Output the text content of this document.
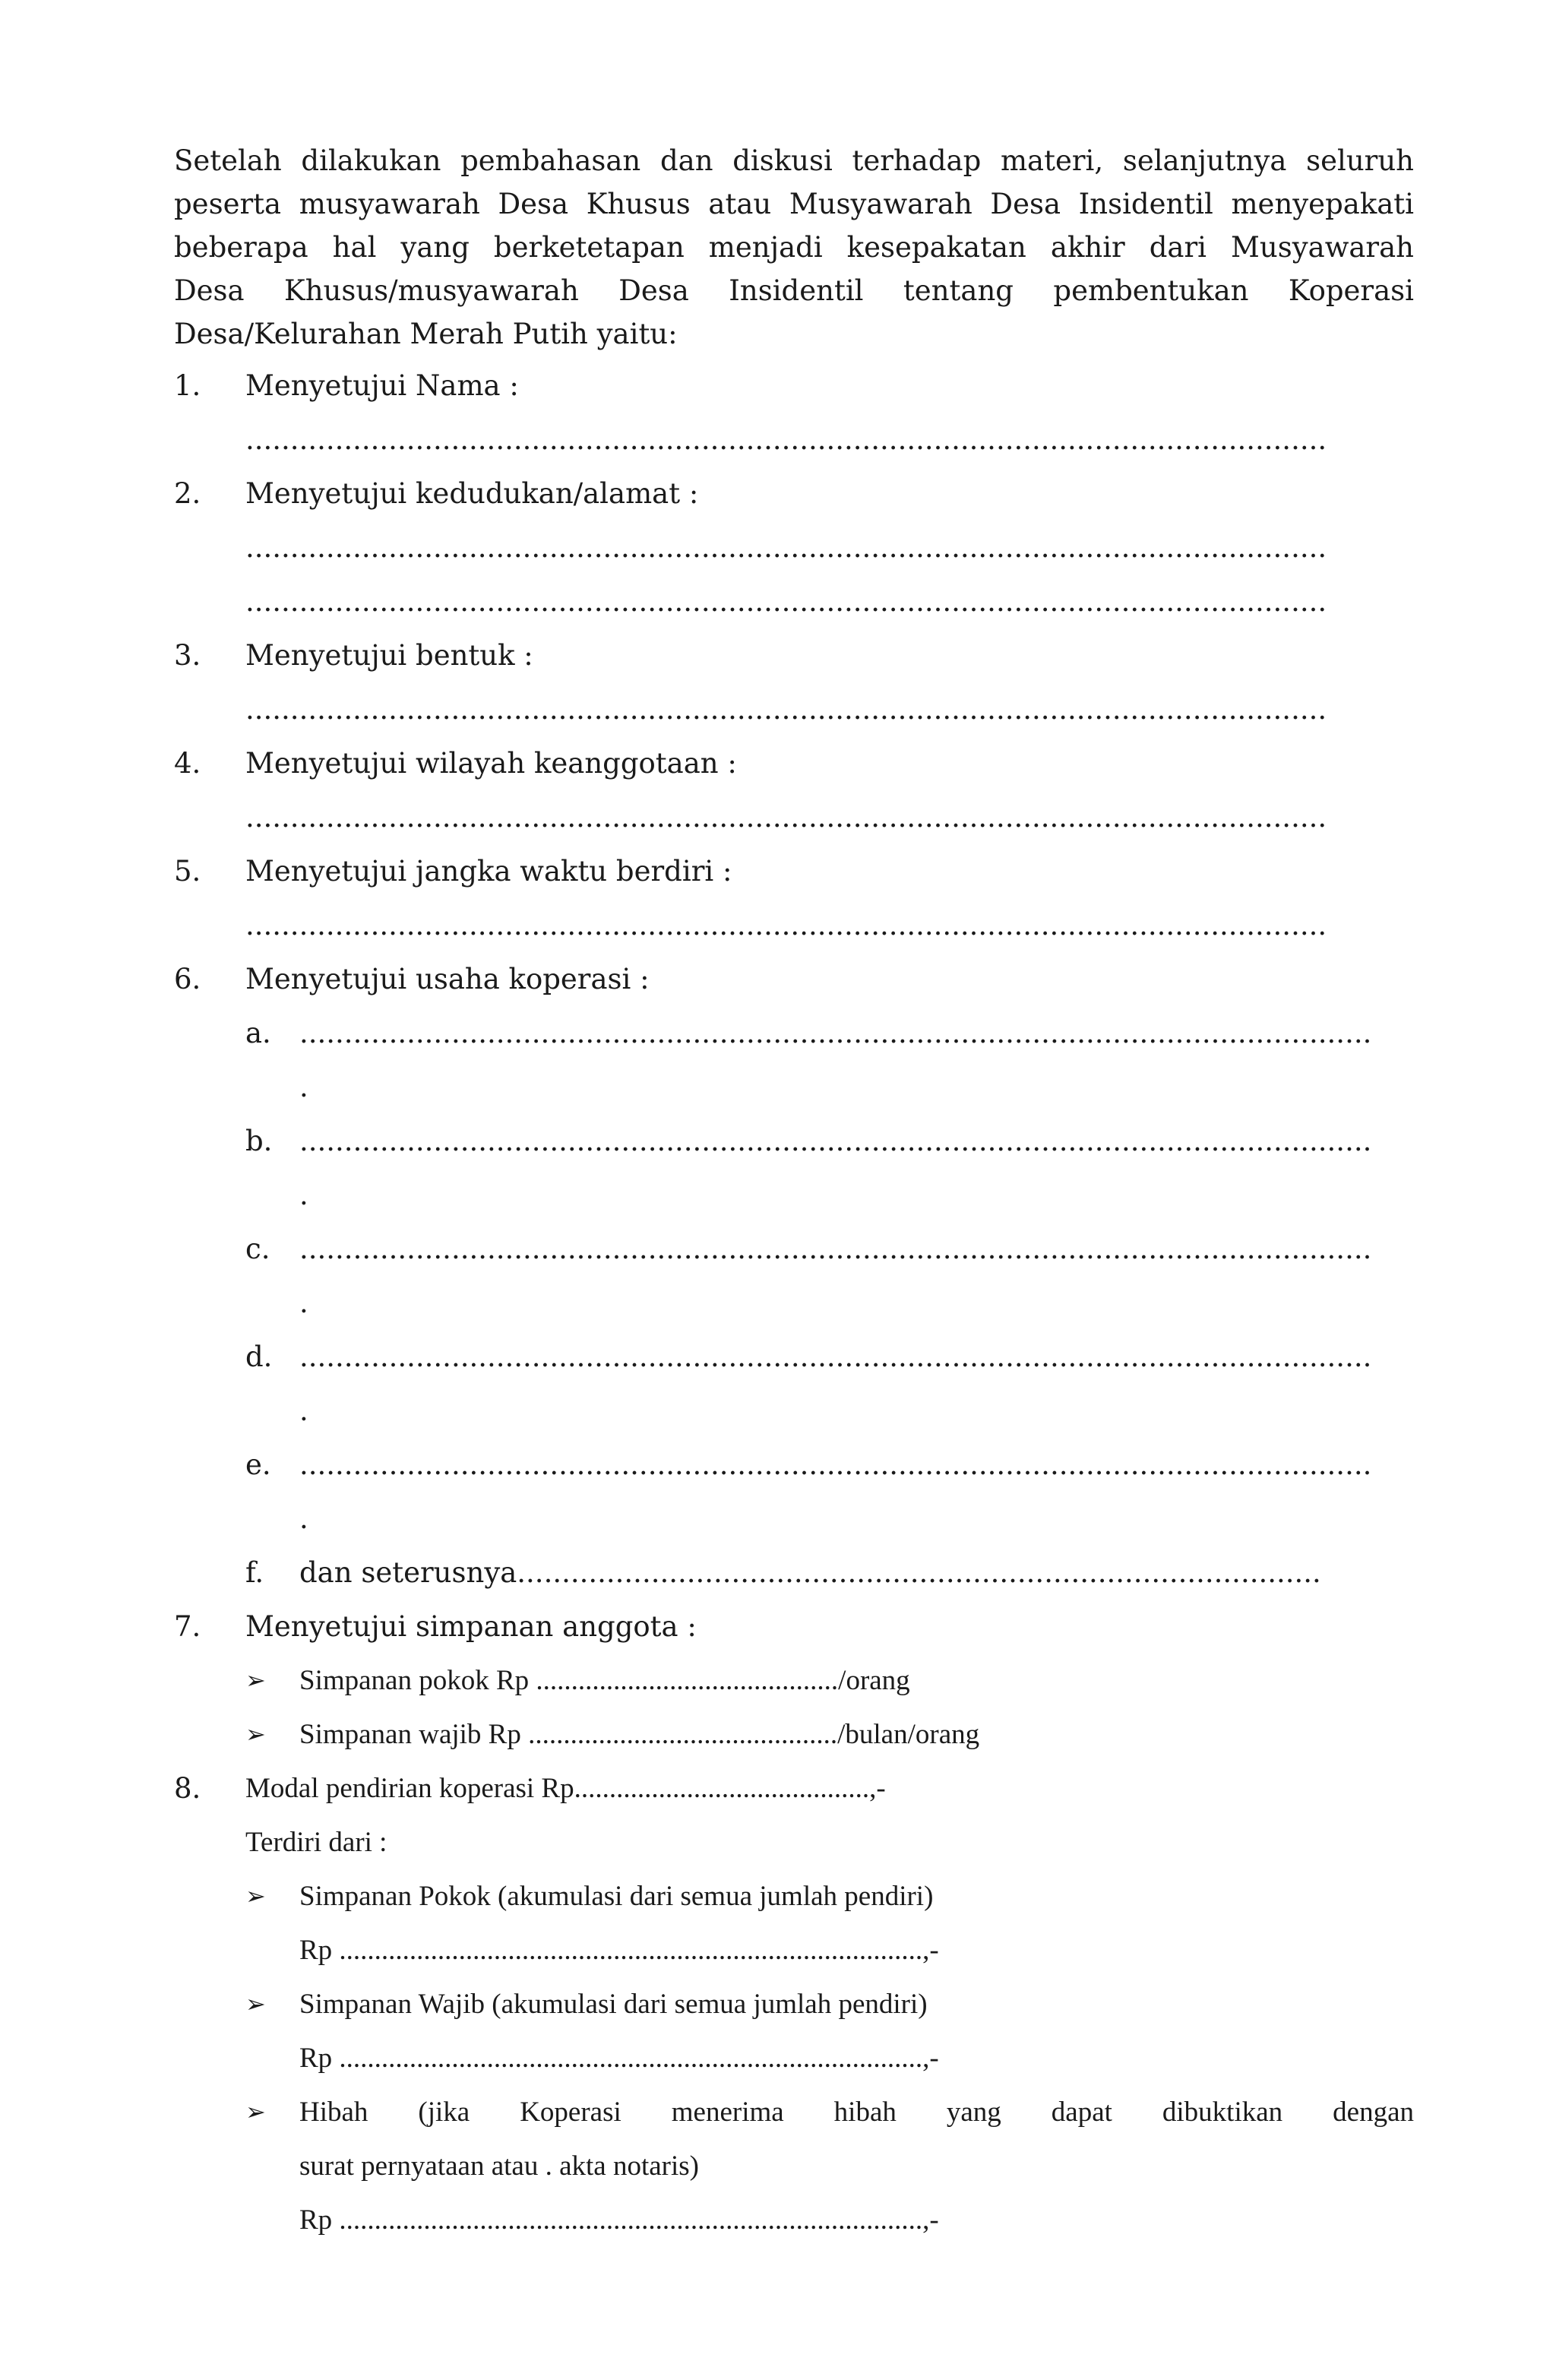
Setelah dilakukan pembahasan dan diskusi terhadap materi, selanjutnya seluruh
peserta musyawarah Desa Khusus atau Musyawarah Desa Insidentil menyepakati
beberapa hal yang berketetapan menjadi kesepakatan akhir dari Musyawarah
Desa Khusus/musyawarah Desa Insidentil tentang pembentukan Koperasi
Desa/Kelurahan Merah Putih yaitu:
1.	Menyetujui Nama :
.........................................................................................................................
2.	Menyetujui kedudukan/alamat :
.........................................................................................................................
.........................................................................................................................
3.	Menyetujui bentuk :
.........................................................................................................................
4.	Menyetujui wilayah keanggotaan :
.........................................................................................................................
5.	Menyetujui jangka waktu berdiri :
.........................................................................................................................
6.	Menyetujui usaha koperasi :
a. ........................................................................................................................
.
b. ........................................................................................................................
.
c. ........................................................................................................................
.
d. ........................................................................................................................
.
e. ........................................................................................................................
.
f. dan seterusnya..........................................................................................
7.	Menyetujui simpanan anggota :
➢ Simpanan pokok Rp .........................................../orang
➢ Simpanan wajib Rp ............................................/bulan/orang
8.	Modal pendirian koperasi Rp..........................................,-
Terdiri dari :
➢ Simpanan Pokok (akumulasi dari semua jumlah pendiri)
Rp ...................................................................................,-
➢ Simpanan Wajib (akumulasi dari semua jumlah pendiri)
Rp ...................................................................................,-
➢ Hibah (jika Koperasi menerima hibah yang dapat dibuktikan dengan
surat pernyataan atau . akta notaris)
Rp ...................................................................................,-
